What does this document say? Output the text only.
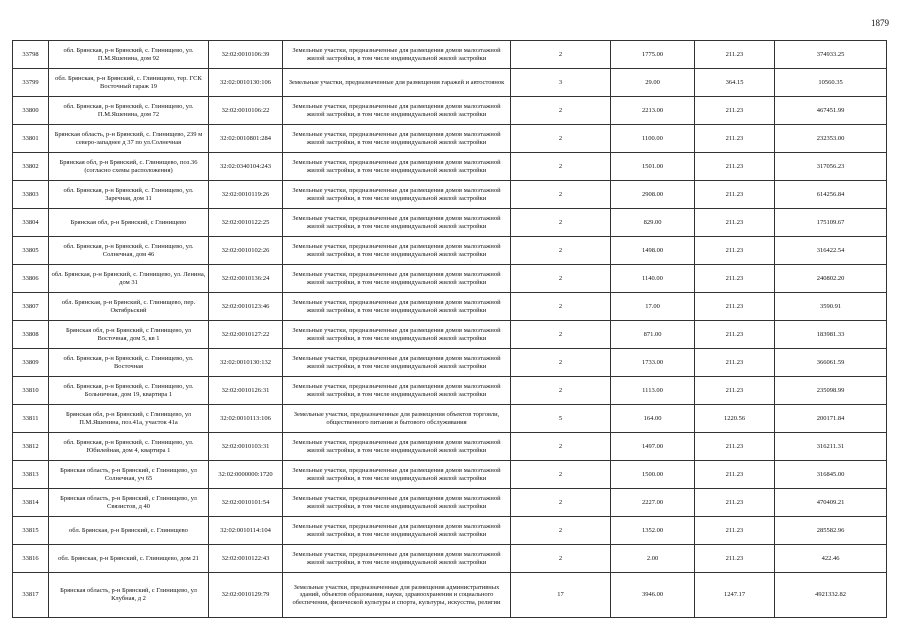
1879
33798	обл. Брянская, р-н Брянский, с. Глинищево, ул. П.М.Яшенина, дом 92	32:02:0010106:39	Земельные участки, предназначенные для размещения домов малоэтажной жилой застройки, в том числе индивидуальной жилой застройки	2	1775.00	211.23	374933.25
33799	обл. Брянская, р-н Брянский, с. Глинищево, тер. ГСК Восточный гараж 19	32:02:0010130:106	Земельные участки, предназначенные для размещения гаражей и автостоянок	3	29.00	364.15	10560.35
33800	обл. Брянская, р-н Брянский, с. Глинищево, ул. П.М.Яшенина, дом 72	32:02:0010106:22	Земельные участки, предназначенные для размещения домов малоэтажной жилой застройки, в том числе индивидуальной жилой застройки	2	2213.00	211.23	467451.99
33801	Брянская область, р-н Брянский, с. Глинищево, 239 м северо-западнее д 37 по ул.Солнечная	32:02:0010801:284	Земельные участки, предназначенные для размещения домов малоэтажной жилой застройки, в том числе индивидуальной жилой застройки	2	1100.00	211.23	232353.00
33802	Брянская обл, р-н Брянский, с. Глинищево, поз.36 (согласно схемы расположения)	32:02:0340104:243	Земельные участки, предназначенные для размещения домов малоэтажной жилой застройки, в том числе индивидуальной жилой застройки	2	1501.00	211.23	317056.23
33803	обл. Брянская, р-н Брянский, с. Глинищево, ул. Заречная, дом 11	32:02:0010119:26	Земельные участки, предназначенные для размещения домов малоэтажной жилой застройки, в том числе индивидуальной жилой застройки	2	2908.00	211.23	614256.84
33804	Брянская обл, р-н Брянский, с Глинищево	32:02:0010122:25	Земельные участки, предназначенные для размещения домов малоэтажной жилой застройки, в том числе индивидуальной жилой застройки	2	829.00	211.23	175109.67
33805	обл. Брянская, р-н Брянский, с. Глинищево, ул. Солнечная, дом 46	32:02:0010102:26	Земельные участки, предназначенные для размещения домов малоэтажной жилой застройки, в том числе индивидуальной жилой застройки	2	1498.00	211.23	316422.54
33806	обл. Брянская, р-н Брянский, с. Глинищево, ул. Ленина, дом 31	32:02:0010136:24	Земельные участки, предназначенные для размещения домов малоэтажной жилой застройки, в том числе индивидуальной жилой застройки	2	1140.00	211.23	240802.20
33807	обл. Брянская, р-н Брянский, с. Глинищево, пер. Октябрьский	32:02:0010123:46	Земельные участки, предназначенные для размещения домов малоэтажной жилой застройки, в том числе индивидуальной жилой застройки	2	17.00	211.23	3590.91
33808	Брянская обл, р-н Брянский, с Глинищево, ул Восточная, дом 5, кв 1	32:02:0010127:22	Земельные участки, предназначенные для размещения домов малоэтажной жилой застройки, в том числе индивидуальной жилой застройки	2	871.00	211.23	183981.33
33809	обл. Брянская, р-н Брянский, с. Глинищево, ул. Восточная	32:02:0010130:132	Земельные участки, предназначенные для размещения домов малоэтажной жилой застройки, в том числе индивидуальной жилой застройки	2	1733.00	211.23	366061.59
33810	обл. Брянская, р-н Брянский, с. Глинищево, ул. Больничная, дом 19, квартира 1	32:02:0010126:31	Земельные участки, предназначенные для размещения домов малоэтажной жилой застройки, в том числе индивидуальной жилой застройки	2	1113.00	211.23	235098.99
33811	Брянская обл, р-н Брянский, с Глинищево, ул П.М.Яшенина, поз.41а, участок 41а	32:02:0010113:106	Земельные участки, предназначенные для размещения объектов торговли, общественного питания и бытового обслуживания	5	164.00	1220.56	200171.84
33812	обл. Брянская, р-н Брянский, с. Глинищево, ул. Юбилейная, дом 4, квартира 1	32:02:0010103:31	Земельные участки, предназначенные для размещения домов малоэтажной жилой застройки, в том числе индивидуальной жилой застройки	2	1497.00	211.23	316211.31
33813	Брянская область, р-н Брянский, с Глинищево, ул Солнечная, уч 65	32:02:0000000:1720	Земельные участки, предназначенные для размещения домов малоэтажной жилой застройки, в том числе индивидуальной жилой застройки	2	1500.00	211.23	316845.00
33814	Брянская область, р-н Брянский, с Глинищево, ул Связистов, д 40	32:02:0010101:54	Земельные участки, предназначенные для размещения домов малоэтажной жилой застройки, в том числе индивидуальной жилой застройки	2	2227.00	211.23	470409.21
33815	обл. Брянская, р-н Брянский, с. Глинищево	32:02:0010114:104	Земельные участки, предназначенные для размещения домов малоэтажной жилой застройки, в том числе индивидуальной жилой застройки	2	1352.00	211.23	285582.96
33816	обл. Брянская, р-н Брянский, с. Глинищево, дом 21	32:02:0010122:43	Земельные участки, предназначенные для размещения домов малоэтажной жилой застройки, в том числе индивидуальной жилой застройки	2	2.00	211.23	422.46
33817	Брянская область, р-н Брянский, с Глинищево, ул Клубная, д 2	32:02:0010129:79	Земельные участки, предназначенные для размещения административных зданий, объектов образования, науки, здравоохранения и социального обеспечения, физической культуры и спорта, культуры, искусства, религии	17	3946.00	1247.17	4921332.82
